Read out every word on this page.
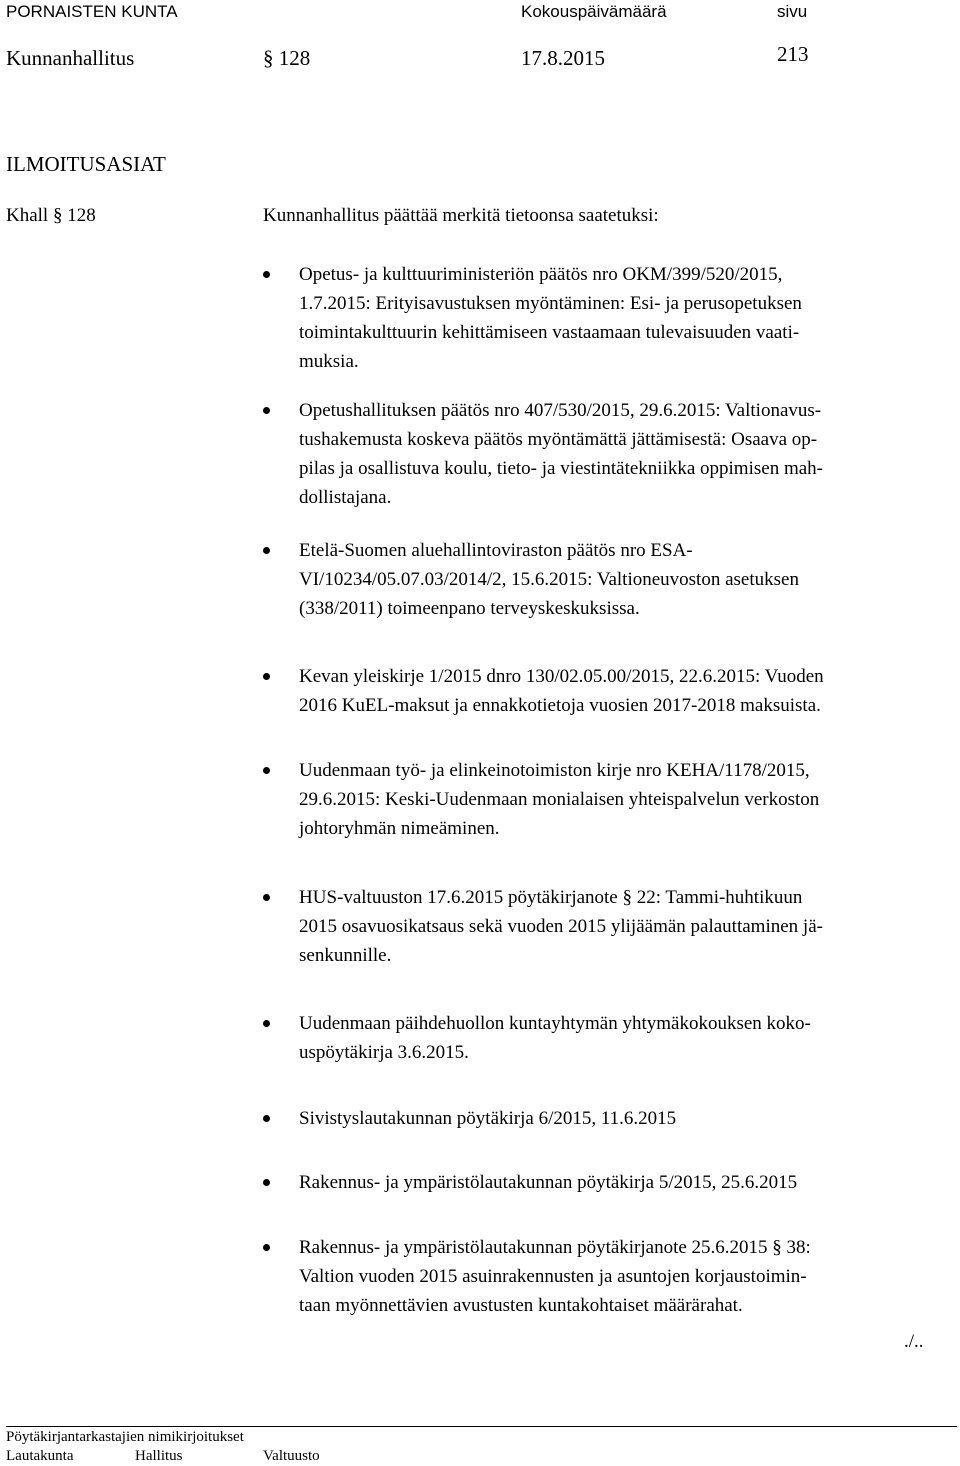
PORNAISTEN KUNTA	Kokouspäivämäärä	sivu
Kunnanhallitus	§ 128	17.8.2015	213
ILMOITUSASIAT
Khall § 128	Kunnanhallitus päättää merkitä tietoonsa saatetuksi:
Opetus- ja kulttuuriministeriön päätös nro OKM/399/520/2015,
1.7.2015: Erityisavustuksen myöntäminen: Esi- ja perusopetuksen
toimintakulttuurin kehittämiseen vastaamaan tulevaisuuden vaati-
muksia.
Opetushallituksen päätös nro 407/530/2015, 29.6.2015: Valtionavus-
tushakemusta koskeva päätös myöntämättä jättämisestä: Osaava op-
pilas ja osallistuva koulu, tieto- ja viestintätekniikka oppimisen mah-
dollistajana.
Etelä-Suomen aluehallintoviraston päätös nro ESA-
VI/10234/05.07.03/2014/2, 15.6.2015: Valtioneuvoston asetuksen
(338/2011) toimeenpano terveyskeskuksissa.
Kevan yleiskirje 1/2015 dnro 130/02.05.00/2015, 22.6.2015: Vuoden
2016 KuEL-maksut ja ennakkotietoja vuosien 2017-2018 maksuista.
Uudenmaan työ- ja elinkeinotoimiston kirje nro KEHA/1178/2015,
29.6.2015: Keski-Uudenmaan monialaisen yhteispalvelun verkoston
johtoryhmän nimeäminen.
HUS-valtuuston 17.6.2015 pöytäkirjanote § 22: Tammi-huhtikuun
2015 osavuosikatsaus sekä vuoden 2015 ylijäämän palauttaminen jä-
senkunnille.
Uudenmaan päihdehuollon kuntayhtymän yhtymäkokouksen koko-
uspöytäkirja 3.6.2015.
Sivistyslautakunnan pöytäkirja 6/2015, 11.6.2015
Rakennus- ja ympäristölautakunnan pöytäkirja 5/2015, 25.6.2015
Rakennus- ja ympäristölautakunnan pöytäkirjanote 25.6.2015 § 38:
Valtion vuoden 2015 asuinrakennusten ja asuntojen korjaustoimin-
taan myönnettävien avustusten kuntakohtaiset määrärahat.
./..
Pöytäkirjantarkastajien nimikirjoitukset
Lautakunta	Hallitus	Valtuusto
